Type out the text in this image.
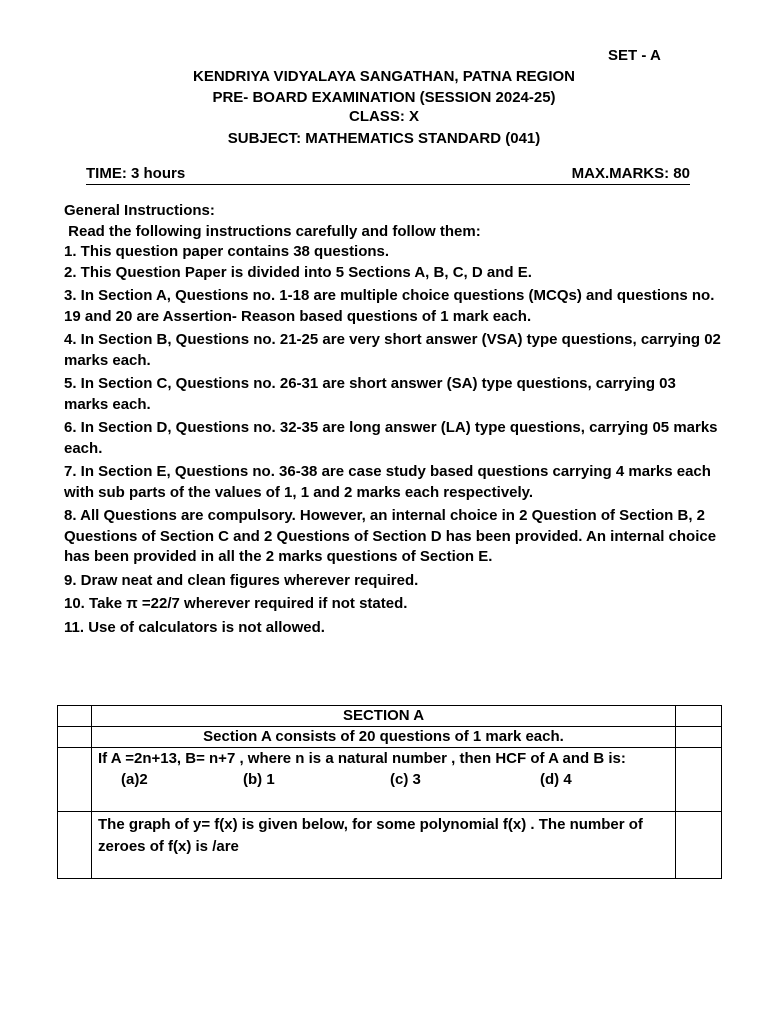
SET - A
KENDRIYA VIDYALAYA SANGATHAN, PATNA REGION
PRE- BOARD EXAMINATION (SESSION 2024-25)
CLASS: X
SUBJECT: MATHEMATICS STANDARD (041)
TIME: 3 hours	MAX.MARKS: 80

General Instructions:

Read the following instructions carefully and follow them:

1. This question paper contains 38 questions.

2. This Question Paper is divided into 5 Sections A, B, C, D and E.

3. In Section A, Questions no. 1-18 are multiple choice questions (MCQs) and questions no. 19 and 20 are Assertion- Reason based questions of 1 mark each.

4. In Section B, Questions no. 21-25 are very short answer (VSA) type questions, carrying 02 marks each.

5. In Section C, Questions no. 26-31 are short answer (SA) type questions, carrying 03 marks each.

6. In Section D, Questions no. 32-35 are long answer (LA) type questions, carrying 05 marks each.

7. In Section E, Questions no. 36-38 are case study based questions carrying 4 marks each with sub parts of the values of 1, 1 and 2 marks each respectively.

8. All Questions are compulsory. However, an internal choice in 2 Question of Section B, 2 Questions of Section C and 2 Questions of Section D has been provided. An internal choice has been provided in all the 2 marks questions of Section E.

9. Draw neat and clean figures wherever required.

10. Take π =22/7 wherever required if not stated.

11. Use of calculators is not allowed.

	SECTION A	
	Section A consists of 20 questions of 1 mark each.	

	If A =2n+13, B= n+7 , where n is a natural number , then HCF of A and B is:
(a)2 (b) 1 (c) 3 (d) 4	

	The graph of y= f(x) is given below, for some polynomial f(x) . The number of zeroes of f(x) is /are	
